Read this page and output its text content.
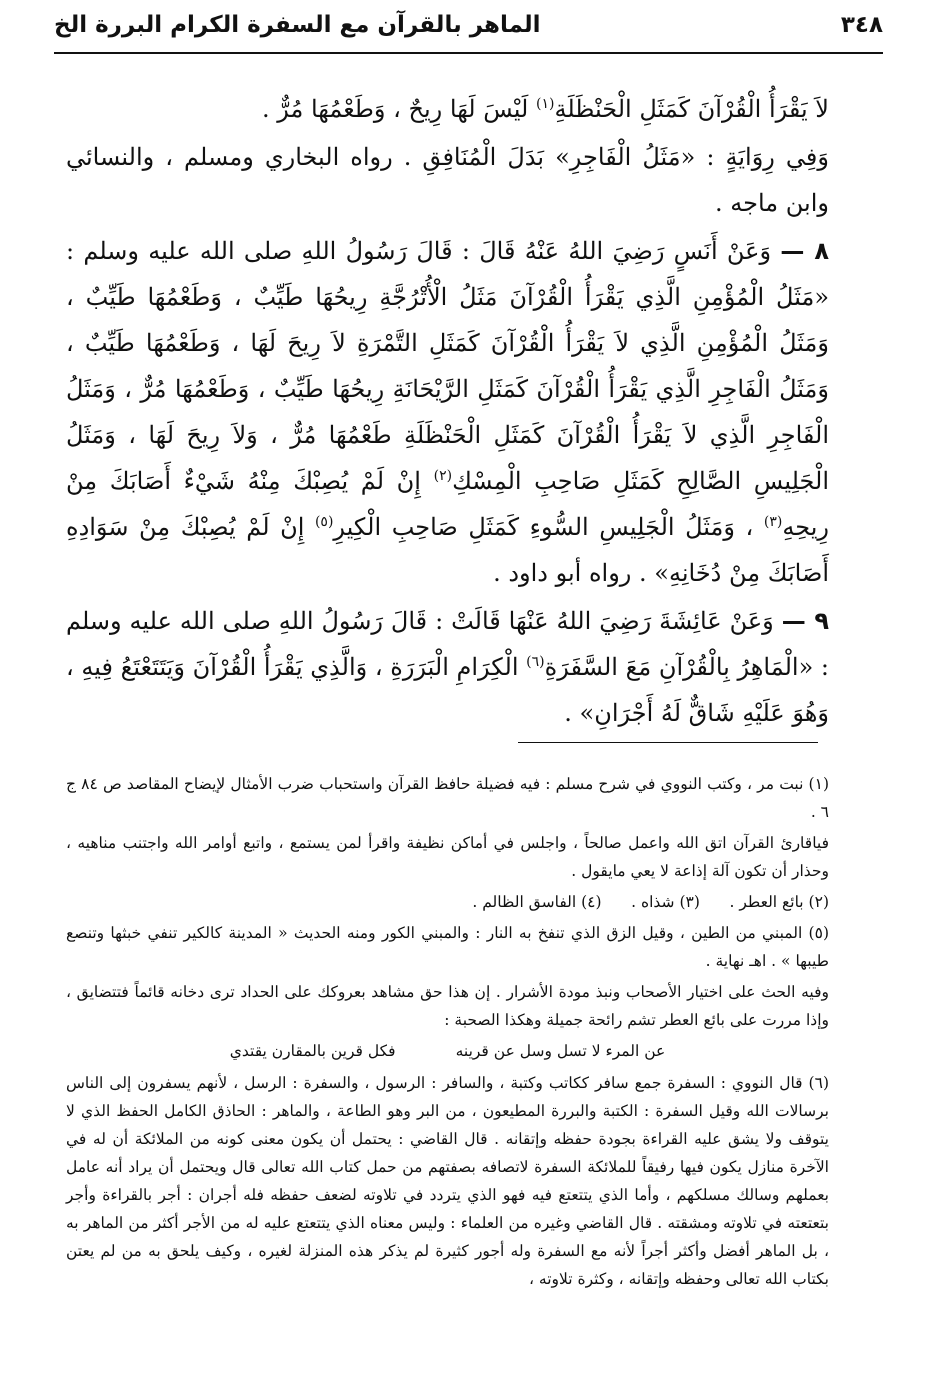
٣٤٨
الماهر بالقرآن مع السفرة الكرام البررة الخ

لاَ يَقْرَأُ الْقُرْآنَ كَمَثَلِ الْحَنْظَلَةِ$^{(١)}$ لَيْسَ لَهَا رِيحٌ ، وَطَعْمُهَا مُرٌّ .

وَفِي رِوَايَةٍ : «مَثَلُ الْفَاجِرِ» بَدَلَ الْمُنَافِقِ . رواه البخاري ومسلم ، والنسائي وابن ماجه .

٨ — وَعَنْ أَنَسٍ رَضِيَ اللهُ عَنْهُ قَالَ : قَالَ رَسُولُ اللهِ صلى الله عليه وسلم : «مَثَلُ الْمُؤْمِنِ الَّذِي يَقْرَأُ الْقُرْآنَ مَثَلُ الْأُتْرُجَّةِ رِيحُهَا طَيِّبٌ ، وَطَعْمُهَا طَيِّبٌ ، وَمَثَلُ الْمُؤْمِنِ الَّذِي لاَ يَقْرَأُ الْقُرْآنَ كَمَثَلِ التَّمْرَةِ لاَ رِيحَ لَهَا ، وَطَعْمُهَا طَيِّبٌ ، وَمَثَلُ الْفَاجِرِ الَّذِي يَقْرَأُ الْقُرْآنَ كَمَثَلِ الرَّيْحَانَةِ رِيحُهَا طَيِّبٌ ، وَطَعْمُهَا مُرٌّ ، وَمَثَلُ الْفَاجِرِ الَّذِي لاَ يَقْرَأُ الْقُرْآنَ كَمَثَلِ الْحَنْظَلَةِ طَعْمُهَا مُرٌّ ، وَلاَ رِيحَ لَهَا ، وَمَثَلُ الْجَلِيسِ الصَّالِحِ كَمَثَلِ صَاحِبِ الْمِسْكِ$^{(٢)}$ إِنْ لَمْ يُصِبْكَ مِنْهُ شَيْءٌ أَصَابَكَ مِنْ رِيحِهِ$^{(٣)}$ ، وَمَثَلُ الْجَلِيسِ السُّوءِ كَمَثَلِ صَاحِبِ الْكِيرِ$^{(٥)}$ إِنْ لَمْ يُصِبْكَ مِنْ سَوَادِهِ أَصَابَكَ مِنْ دُخَانِهِ» . رواه أبو داود .

٩ — وَعَنْ عَائِشَةَ رَضِيَ اللهُ عَنْهَا قَالَتْ : قَالَ رَسُولُ اللهِ صلى الله عليه وسلم : «الْمَاهِرُ بِالْقُرْآنِ مَعَ السَّفَرَةِ$^{(٦)}$ الْكِرَامِ الْبَرَرَةِ ، وَالَّذِي يَقْرَأُ الْقُرْآنَ وَيَتَتَعْتَعُ فِيهِ ، وَهُوَ عَلَيْهِ شَاقٌّ لَهُ أَجْرَانِ» .

(١) نبت مر ، وكتب النووي في شرح مسلم : فيه فضيلة حافظ القرآن واستحباب ضرب الأمثال لإيضاح المقاصد ص ٨٤ ج ٦ .

فياقارئ القرآن اتق الله واعمل صالحاً ، واجلس في أماكن نظيفة واقرأ لمن يستمع ، واتبع أوامر الله واجتنب مناهيه ، وحذار أن تكون آلة إذاعة لا يعي مايقول .

(٢) بائع العطر .      (٣) شذاه .      (٤) الفاسق الظالم .

(٥) المبني من الطين ، وقيل الزق الذي تنفخ به النار : والمبني الكور ومنه الحديث « المدينة كالكير تنفي خبثها وتنصع طيبها » . اهـ نهاية .

وفيه الحث على اختيار الأصحاب ونبذ مودة الأشرار . إن هذا حق مشاهد بعروكك على الحداد ترى دخانه قائماً فتتضايق ، وإذا مررت على بائع العطر تشم رائحة جميلة وهكذا الصحبة :

عن المرء لا تسل وسل عن قرينه
فكل قرين بالمقارن يقتدي

(٦) قال النووي : السفرة جمع سافر ككاتب وكتبة ، والسافر : الرسول ، والسفرة : الرسل ، لأنهم يسفرون إلى الناس برسالات الله وقيل السفرة : الكتبة والبررة المطيعون ، من البر وهو الطاعة ، والماهر : الحاذق الكامل الحفظ الذي لا يتوقف ولا يشق عليه القراءة بجودة حفظه وإتقانه . قال القاضي : يحتمل أن يكون معنى كونه من الملائكة أن له في الآخرة منازل يكون فيها رفيقاً للملائكة السفرة لاتصافه بصفتهم من حمل كتاب الله تعالى قال ويحتمل أن يراد أنه عامل بعملهم وسالك مسلكهم ، وأما الذي يتتعتع فيه فهو الذي يتردد في تلاوته لضعف حفظه فله أجران : أجر بالقراءة وأجر بتعتعته في تلاوته ومشقته . قال القاضي وغيره من العلماء : وليس معناه الذي يتتعتع عليه له من الأجر أكثر من الماهر به ، بل الماهر أفضل وأكثر أجراً لأنه مع السفرة وله أجور كثيرة لم يذكر هذه المنزلة لغيره ، وكيف يلحق به من لم يعتن بكتاب الله تعالى وحفظه وإتقانه ، وكثرة تلاوته ،
